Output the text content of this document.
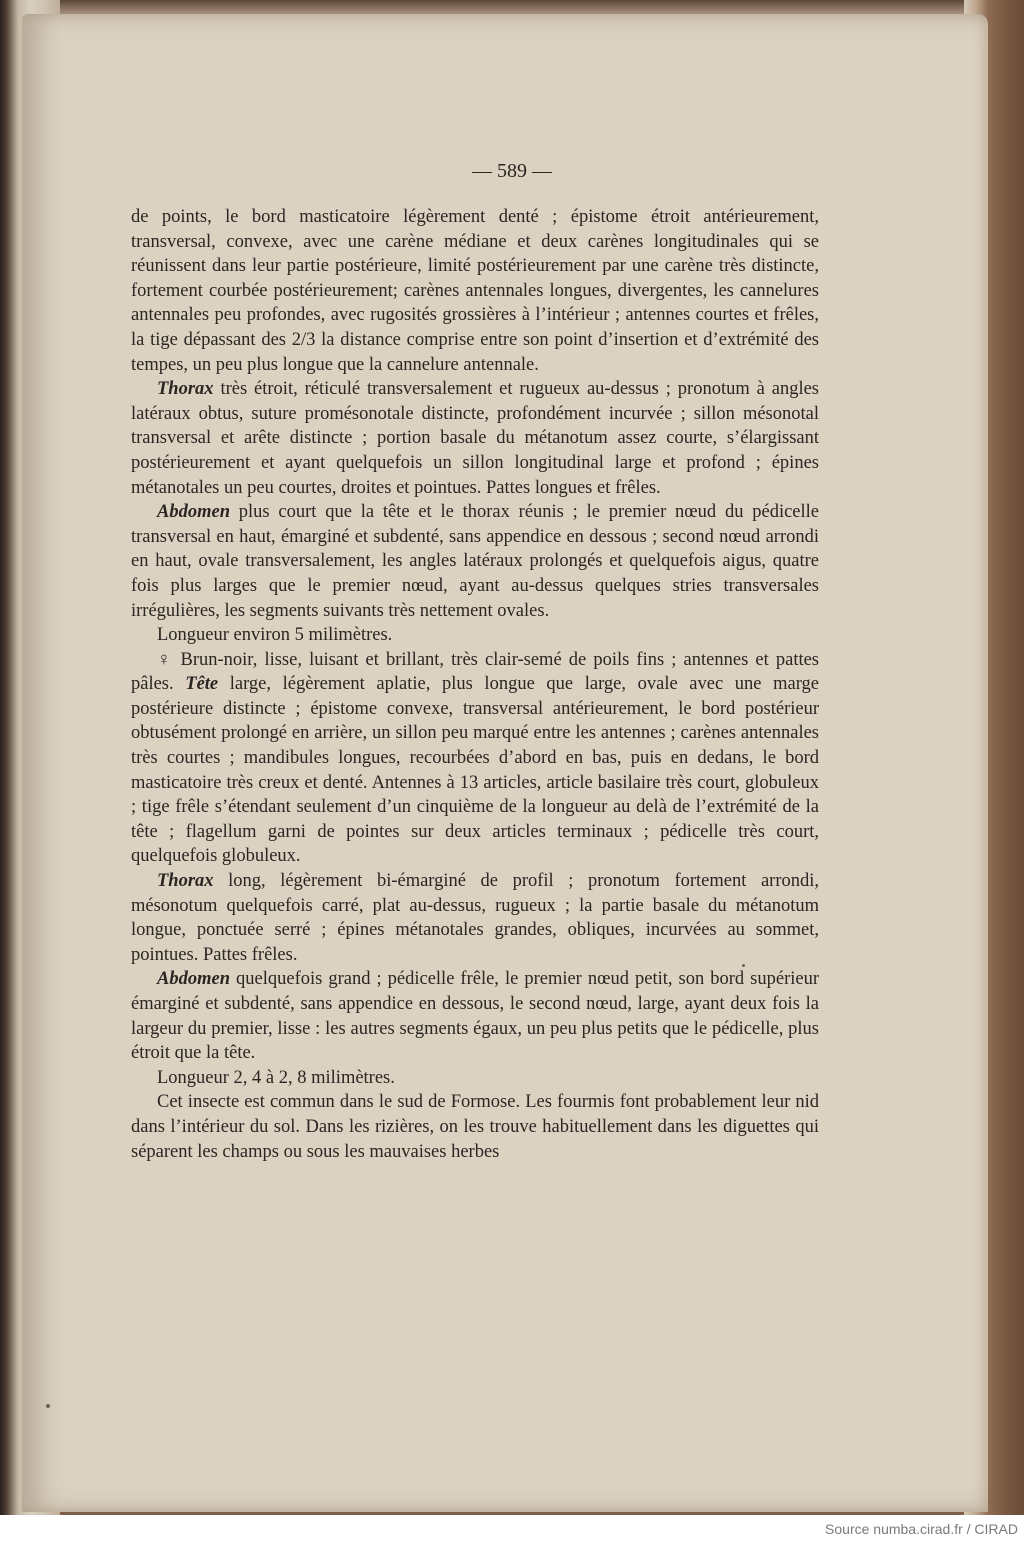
— 589 —

de points, le bord masticatoire légèrement denté ; épistome étroit antérieurement, transversal, convexe, avec une carène médiane et deux carènes longitudinales qui se réunissent dans leur partie postérieure, limité postérieurement par une carène très distincte, fortement courbée postérieurement; carènes antennales longues, divergentes, les cannelures antennales peu profondes, avec rugosités grossières à l’intérieur ; antennes courtes et frêles, la tige dépassant des 2/3 la distance comprise entre son point d’insertion et d’extrémité des tempes, un peu plus longue que la cannelure antennale.

Thorax très étroit, réticulé transversalement et rugueux au-dessus ; pronotum à angles latéraux obtus, suture promésonotale distincte, profondément incurvée ; sillon mésonotal transversal et arête distincte ; portion basale du métanotum assez courte, s’élargissant postérieurement et ayant quelquefois un sillon longitudinal large et profond ; épines métanotales un peu courtes, droites et pointues. Pattes longues et frêles.

Abdomen plus court que la tête et le thorax réunis ; le premier nœud du pédicelle transversal en haut, émarginé et subdenté, sans appendice en dessous ; second nœud arrondi en haut, ovale transversalement, les angles latéraux prolongés et quelquefois aigus, quatre fois plus larges que le premier nœud, ayant au-dessus quelques stries transversales irrégulières, les segments suivants très nettement ovales.

Longueur environ 5 milimètres.

♀ Brun-noir, lisse, luisant et brillant, très clair-semé de poils fins ; antennes et pattes pâles. Tête large, légèrement aplatie, plus longue que large, ovale avec une marge postérieure distincte ; épistome convexe, transversal antérieurement, le bord postérieur obtusément prolongé en arrière, un sillon peu marqué entre les antennes ; carènes antennales très courtes ; mandibules longues, recourbées d’abord en bas, puis en dedans, le bord masticatoire très creux et denté. Antennes à 13 articles, article basilaire très court, globuleux ; tige frêle s’étendant seulement d’un cinquième de la longueur au delà de l’extrémité de la tête ; flagellum garni de pointes sur deux articles terminaux ; pédicelle très court, quelquefois globuleux.

Thorax long, légèrement bi-émarginé de profil ; pronotum fortement arrondi, mésonotum quelquefois carré, plat au-dessus, rugueux ; la partie basale du métanotum longue, ponctuée serré ; épines métanotales grandes, obliques, incurvées au sommet, pointues. Pattes frêles.

Abdomen quelquefois grand ; pédicelle frêle, le premier nœud petit, son bord supérieur émarginé et subdenté, sans appendice en dessous, le second nœud, large, ayant deux fois la largeur du premier, lisse : les autres segments égaux, un peu plus petits que le pédicelle, plus étroit que la tête.

Longueur 2, 4 à 2, 8 milimètres.

Cet insecte est commun dans le sud de Formose. Les fourmis font probablement leur nid dans l’intérieur du sol. Dans les rizières, on les trouve habituellement dans les diguettes qui séparent les champs ou sous les mauvaises herbes

Source numba.cirad.fr / CIRAD
